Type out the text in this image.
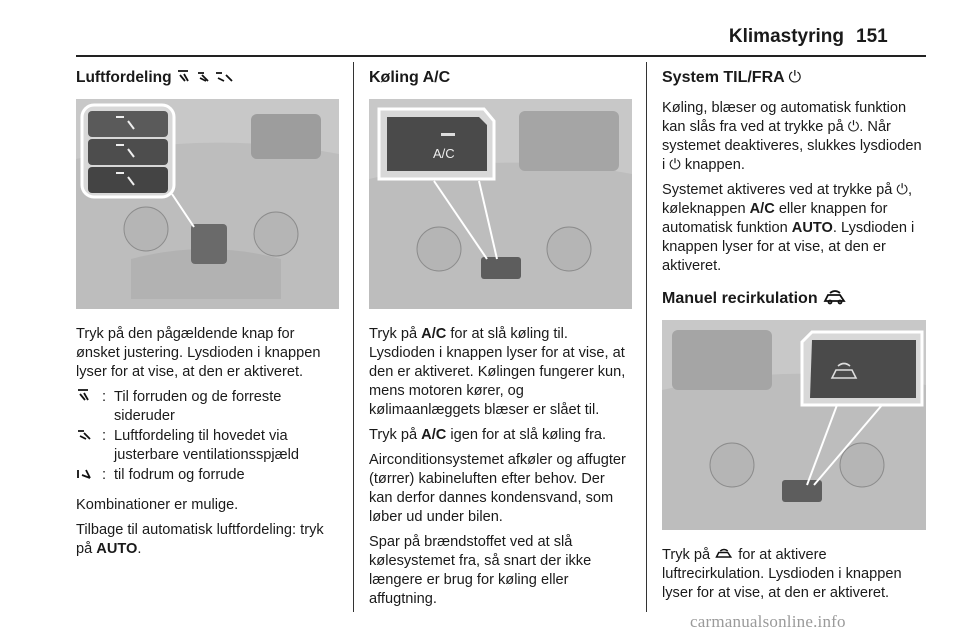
Klimastyring 151
Luftfordeling

Tryk på den pågældende knap for ønsket justering. Lysdioden i knappen lyser for at vise, at den er aktiveret.

: Til forruden og de forreste sideruder
: Luftfordeling til hovedet via justerbare ventilationsspjæld
: til fodrum og forrude

Kombinationer er mulige.

Tilbage til automatisk luftfordeling: tryk på AUTO.

Køling A/C
A/C

Tryk på A/C for at slå køling til. Lysdioden i knappen lyser for at vise, at den er aktiveret. Kølingen fungerer kun, mens motoren kører, og kølimaanlæggets blæser er slået til.

Tryk på A/C igen for at slå køling fra.

Airconditionsystemet afkøler og affugter (tørrer) kabineluften efter behov. Der kan derfor dannes kondensvand, som løber ud under bilen.

Spar på brændstoffet ved at slå kølesystemet fra, så snart der ikke længere er brug for køling eller affugtning.

System TIL/FRA ⏻

Køling, blæser og automatisk funktion kan slås fra ved at trykke på ⏻. Når systemet deaktiveres, slukkes lysdioden i ⏻ knappen.

Systemet aktiveres ved at trykke på ⏻, køleknappen A/C eller knappen for automatisk funktion AUTO. Lysdioden i knappen lyser for at vise, at den er aktiveret.

Manuel recirkulation

Tryk på  for at aktivere luftrecirkulation. Lysdioden i knappen lyser for at vise, at den er aktiveret.

carmanualsonline.info
